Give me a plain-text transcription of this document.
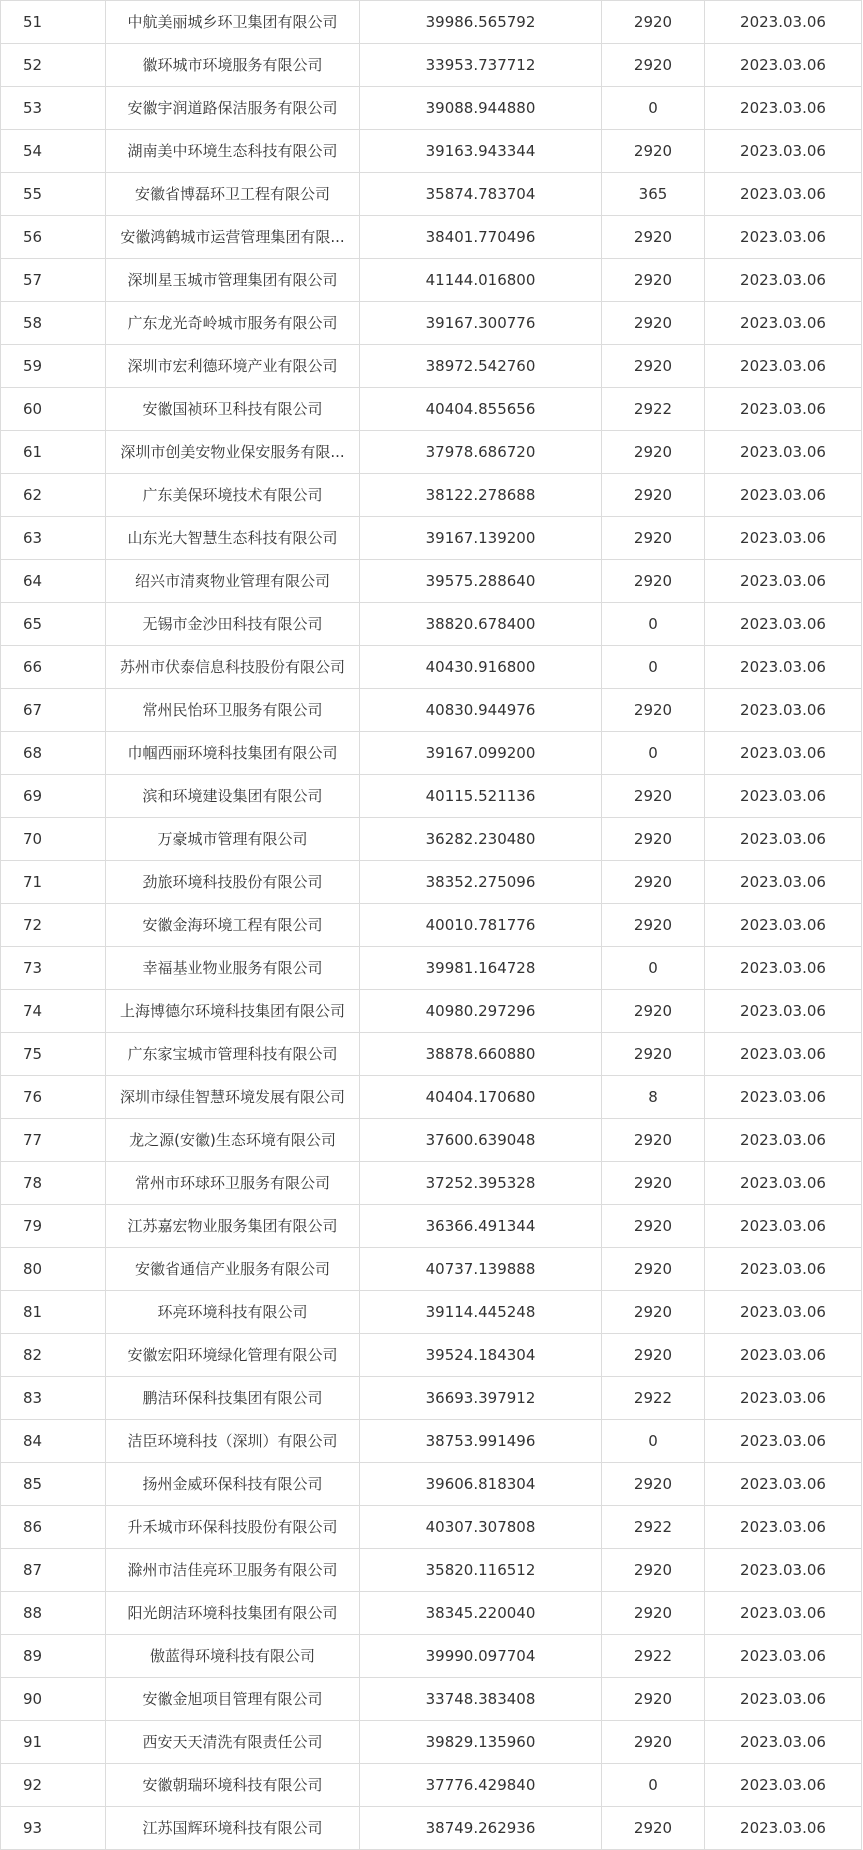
51	中航美丽城乡环卫集团有限公司	39986.565792	2920	2023.03.06
52	徽环城市环境服务有限公司	33953.737712	2920	2023.03.06
53	安徽宇润道路保洁服务有限公司	39088.944880	0	2023.03.06
54	湖南美中环境生态科技有限公司	39163.943344	2920	2023.03.06
55	安徽省博磊环卫工程有限公司	35874.783704	365	2023.03.06
56	安徽鸿鹤城市运营管理集团有限...	38401.770496	2920	2023.03.06
57	深圳星玉城市管理集团有限公司	41144.016800	2920	2023.03.06
58	广东龙光奇岭城市服务有限公司	39167.300776	2920	2023.03.06
59	深圳市宏利德环境产业有限公司	38972.542760	2920	2023.03.06
60	安徽国祯环卫科技有限公司	40404.855656	2922	2023.03.06
61	深圳市创美安物业保安服务有限...	37978.686720	2920	2023.03.06
62	广东美保环境技术有限公司	38122.278688	2920	2023.03.06
63	山东光大智慧生态科技有限公司	39167.139200	2920	2023.03.06
64	绍兴市清爽物业管理有限公司	39575.288640	2920	2023.03.06
65	无锡市金沙田科技有限公司	38820.678400	0	2023.03.06
66	苏州市伏泰信息科技股份有限公司	40430.916800	0	2023.03.06
67	常州民怡环卫服务有限公司	40830.944976	2920	2023.03.06
68	巾帼西丽环境科技集团有限公司	39167.099200	0	2023.03.06
69	滨和环境建设集团有限公司	40115.521136	2920	2023.03.06
70	万豪城市管理有限公司	36282.230480	2920	2023.03.06
71	劲旅环境科技股份有限公司	38352.275096	2920	2023.03.06
72	安徽金海环境工程有限公司	40010.781776	2920	2023.03.06
73	幸福基业物业服务有限公司	39981.164728	0	2023.03.06
74	上海博德尔环境科技集团有限公司	40980.297296	2920	2023.03.06
75	广东家宝城市管理科技有限公司	38878.660880	2920	2023.03.06
76	深圳市绿佳智慧环境发展有限公司	40404.170680	8	2023.03.06
77	龙之源(安徽)生态环境有限公司	37600.639048	2920	2023.03.06
78	常州市环球环卫服务有限公司	37252.395328	2920	2023.03.06
79	江苏嘉宏物业服务集团有限公司	36366.491344	2920	2023.03.06
80	安徽省通信产业服务有限公司	40737.139888	2920	2023.03.06
81	环亮环境科技有限公司	39114.445248	2920	2023.03.06
82	安徽宏阳环境绿化管理有限公司	39524.184304	2920	2023.03.06
83	鹏洁环保科技集团有限公司	36693.397912	2922	2023.03.06
84	洁臣环境科技（深圳）有限公司	38753.991496	0	2023.03.06
85	扬州金威环保科技有限公司	39606.818304	2920	2023.03.06
86	升禾城市环保科技股份有限公司	40307.307808	2922	2023.03.06
87	滁州市洁佳亮环卫服务有限公司	35820.116512	2920	2023.03.06
88	阳光朗洁环境科技集团有限公司	38345.220040	2920	2023.03.06
89	傲蓝得环境科技有限公司	39990.097704	2922	2023.03.06
90	安徽金旭项目管理有限公司	33748.383408	2920	2023.03.06
91	西安天天清洗有限责任公司	39829.135960	2920	2023.03.06
92	安徽朝瑞环境科技有限公司	37776.429840	0	2023.03.06
93	江苏国辉环境科技有限公司	38749.262936	2920	2023.03.06
